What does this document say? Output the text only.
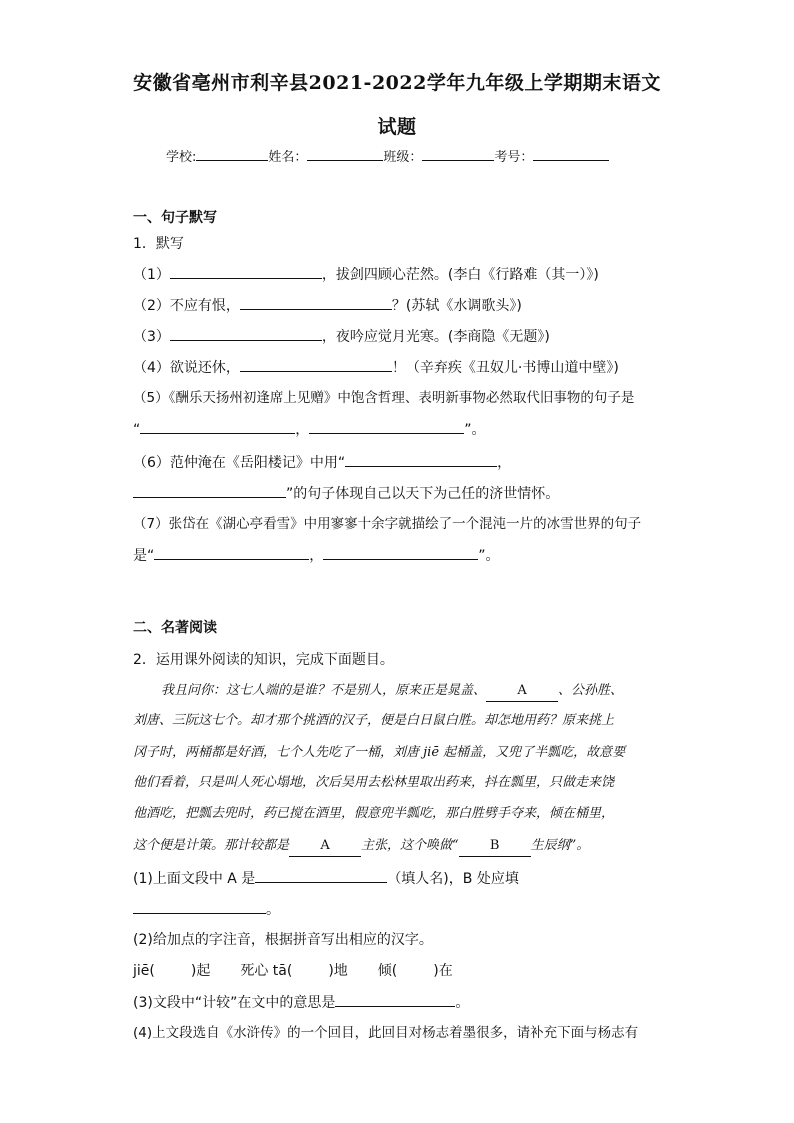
安徽省亳州市利辛县2021-2022学年九年级上学期期末语文
试题
学校:	姓名：	班级：	考号：
一、句子默写
1．默写
（1）	，拔剑四顾心茫然。(李白《行路难（其一）》)
（2）不应有恨，	？(苏轼《水调歌头》)
（3）	，夜吟应觉月光寒。(李商隐《无题》)
（4）欲说还休，	！（辛弃疾《丑奴儿·书博山道中壁》)
（5）《酬乐天扬州初逢席上见赠》中饱含哲理、表明新事物必然取代旧事物的句子是
“	，	”。
（6）范仲淹在《岳阳楼记》中用“	，
”的句子体现自己以天下为己任的济世情怀。
（7）张岱在《湖心亭看雪》中用寥寥十余字就描绘了一个混沌一片的冰雪世界的句子
是“	，	”。
二、名著阅读
2．运用课外阅读的知识，完成下面题目。
我且问你：这七人端的是谁？不是别人，原来正是晁盖、 A 、公孙胜、
刘唐、三阮这七个。却才那个挑酒的汉子，便是白日鼠白胜。却怎地用药？原来挑上
冈子时，两桶都是好酒，七个人先吃了一桶，刘唐 jiē 起桶盖，又兜了半瓢吃，故意要
他们看着，只是叫人死心塌地，次后吴用去松林里取出药来，抖在瓢里，只做走来饶
他酒吃，把瓢去兜时，药已搅在酒里，假意兜半瓢吃，那白胜劈手夺来，倾在桶里，
这个便是计策。那计较都是 A 主张，这个唤做“ B 生辰纲”。
(1)上面文段中 A 是	（填人名)，B 处应填
。
(2)给加点的字注音，根据拼音写出相应的汉字。
jiē(	)起 死心 tā(	)地 倾(	)在
(3)文段中“计较”在文中的意思是	。
(4)上文段选自《水浒传》的一个回目，此回目对杨志着墨很多，请补充下面与杨志有
